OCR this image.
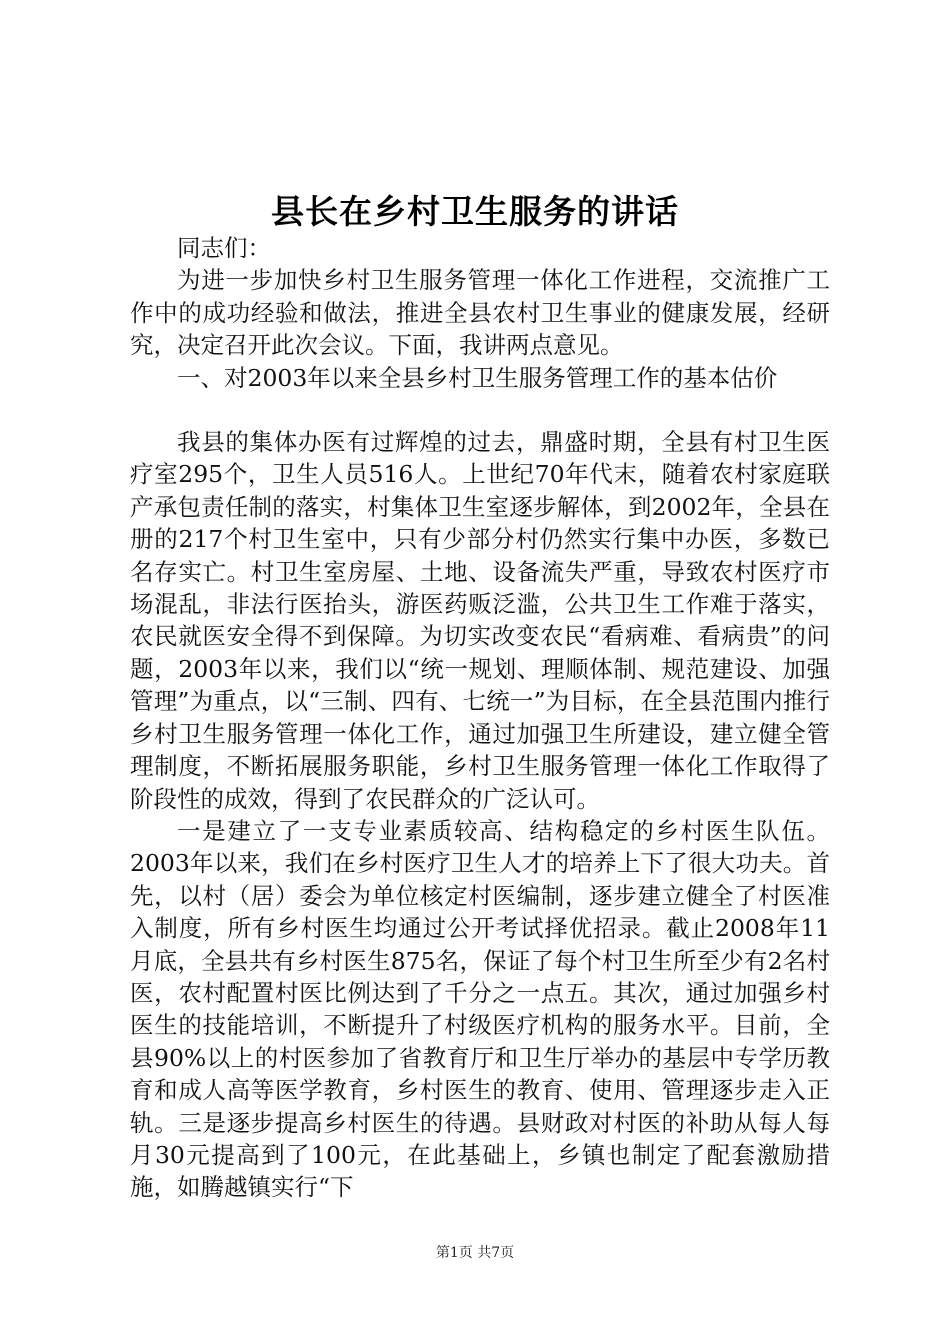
县长在乡村卫生服务的讲话

同志们：

为进一步加快乡村卫生服务管理一体化工作进程，交流推广工作中的成功经验和做法，推进全县农村卫生事业的健康发展，经研究，决定召开此次会议。下面，我讲两点意见。

一、对2003年以来全县乡村卫生服务管理工作的基本估价

我县的集体办医有过辉煌的过去，鼎盛时期，全县有村卫生医疗室295个，卫生人员516人。上世纪70年代末，随着农村家庭联产承包责任制的落实，村集体卫生室逐步解体，到2002年，全县在册的217个村卫生室中，只有少部分村仍然实行集中办医，多数已名存实亡。村卫生室房屋、土地、设备流失严重，导致农村医疗市场混乱，非法行医抬头，游医药贩泛滥，公共卫生工作难于落实，农民就医安全得不到保障。为切实改变农民“看病难、看病贵”的问题，2003年以来，我们以“统一规划、理顺体制、规范建设、加强管理”为重点，以“三制、四有、七统一”为目标，在全县范围内推行乡村卫生服务管理一体化工作，通过加强卫生所建设，建立健全管理制度，不断拓展服务职能，乡村卫生服务管理一体化工作取得了阶段性的成效，得到了农民群众的广泛认可。

一是建立了一支专业素质较高、结构稳定的乡村医生队伍。2003年以来，我们在乡村医疗卫生人才的培养上下了很大功夫。首先，以村（居）委会为单位核定村医编制，逐步建立健全了村医准入制度，所有乡村医生均通过公开考试择优招录。截止2008年11月底，全县共有乡村医生875名，保证了每个村卫生所至少有2名村医，农村配置村医比例达到了千分之一点五。其次，通过加强乡村医生的技能培训，不断提升了村级医疗机构的服务水平。目前，全县90%以上的村医参加了省教育厅和卫生厅举办的基层中专学历教育和成人高等医学教育，乡村医生的教育、使用、管理逐步走入正轨。三是逐步提高乡村医生的待遇。县财政对村医的补助从每人每月30元提高到了100元，在此基础上，乡镇也制定了配套激励措施，如腾越镇实行“下

第1页 共7页
